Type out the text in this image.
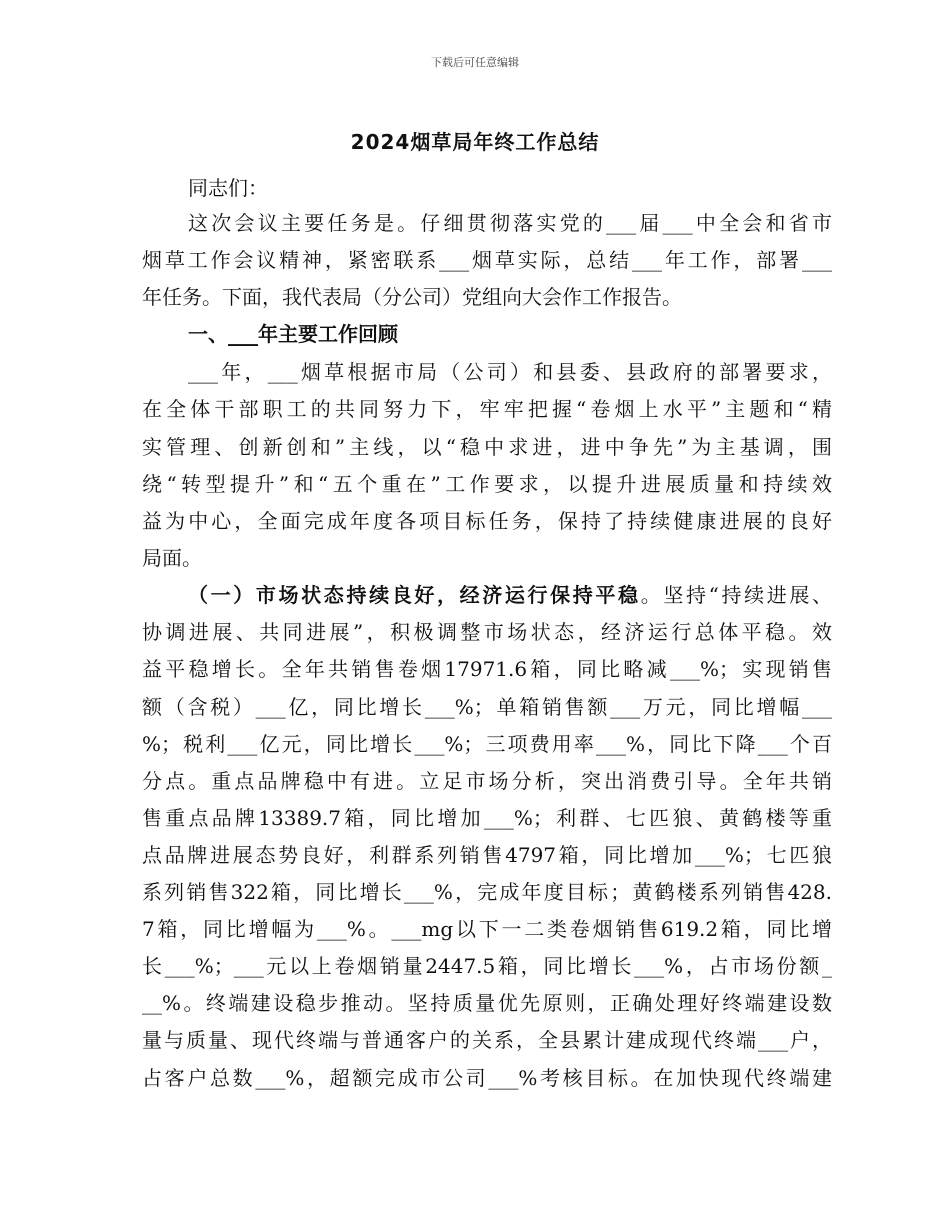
下载后可任意编辑
2024烟草局年终工作总结
同志们：
这次会议主要任务是。仔细贯彻落实党的___届___中全会和省市
烟草工作会议精神，紧密联系___烟草实际，总结___年工作，部署___
年任务。下面，我代表局（分公司）党组向大会作工作报告。
一、___年主要工作回顾
___年，___烟草根据市局（公司）和县委、县政府的部署要求，
在全体干部职工的共同努力下，牢牢把握“卷烟上水平”主题和“精
实管理、创新创和”主线，以“稳中求进，进中争先”为主基调，围
绕“转型提升”和“五个重在”工作要求，以提升进展质量和持续效
益为中心，全面完成年度各项目标任务，保持了持续健康进展的良好
局面。
（一）市场状态持续良好，经济运行保持平稳。坚持“持续进展、
协调进展、共同进展”，积极调整市场状态，经济运行总体平稳。效
益平稳增长。全年共销售卷烟17971.6箱，同比略减___%；实现销售
额（含税）___亿，同比增长___%；单箱销售额___万元，同比增幅___
%；税利___亿元，同比增长___%；三项费用率___%，同比下降___个百
分点。重点品牌稳中有进。立足市场分析，突出消费引导。全年共销
售重点品牌13389.7箱，同比增加___%；利群、七匹狼、黄鹤楼等重
点品牌进展态势良好，利群系列销售4797箱，同比增加___%；七匹狼
系列销售322箱，同比增长___%，完成年度目标；黄鹤楼系列销售428.
7箱，同比增幅为___%。___mg以下一二类卷烟销售619.2箱，同比增
长___%；___元以上卷烟销量2447.5箱，同比增长___%，占市场份额_
__%。终端建设稳步推动。坚持质量优先原则，正确处理好终端建设数
量与质量、现代终端与普通客户的关系，全县累计建成现代终端___户，
占客户总数___%，超额完成市公司___%考核目标。在加快现代终端建
